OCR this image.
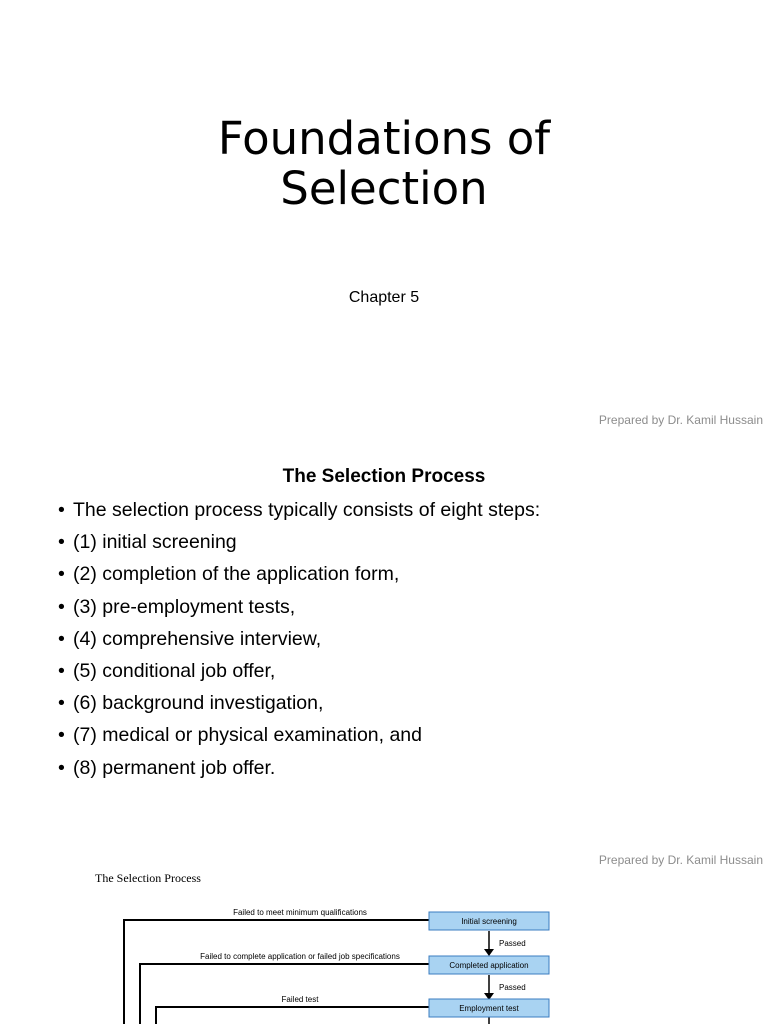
Foundations of
Selection
Chapter 5
Prepared by Dr. Kamil Hussain
The Selection Process
• The selection process typically consists of eight steps:
• (1) initial screening
• (2) completion of the application form,
• (3) pre-employment tests,
• (4) comprehensive interview,
• (5) conditional job offer,
• (6) background investigation,
• (7) medical or physical examination, and
• (8) permanent job offer.
Prepared by Dr. Kamil Hussain
The Selection Process
Initial screening
Completed application
Employment test
Failed to meet minimum qualifications
Failed to complete application or failed job specifications
Failed test
Passed
Passed
